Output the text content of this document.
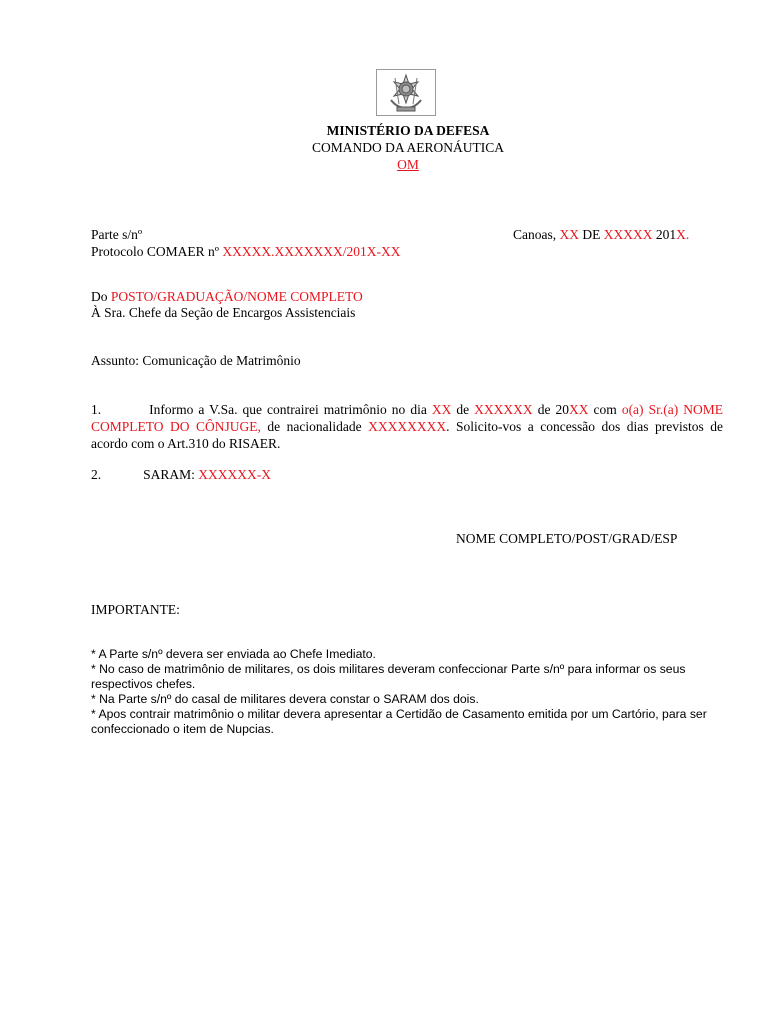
MINISTÉRIO DA DEFESA
COMANDO DA AERONÁUTICA
OM
Parte s/nº	Canoas, XX DE XXXXX 201X.
Protocolo COMAER nº XXXXX.XXXXXXX/201X-XX
Do POSTO/GRADUAÇÃO/NOME COMPLETO
À Sra. Chefe da Seção de Encargos Assistenciais
Assunto: Comunicação de Matrimônio
1.	Informo a V.Sa. que contrairei matrimônio no dia XX de XXXXXX de 20XX com o(a) Sr.(a) NOME COMPLETO DO CÔNJUGE, de nacionalidade XXXXXXXX. Solicito-vos a concessão dos dias previstos de acordo com o Art.310 do RISAER.
2.	SARAM: XXXXXX-X
NOME COMPLETO/POST/GRAD/ESP
IMPORTANTE:
* A Parte s/nº devera ser enviada ao Chefe Imediato.
* No caso de matrimônio de militares, os dois militares deveram confeccionar Parte s/nº para informar os seus respectivos chefes.
* Na Parte s/nº do casal de militares devera constar o SARAM dos dois.
* Apos contrair matrimônio o militar devera apresentar a Certidão de Casamento emitida por um Cartório, para ser confeccionado o item de Nupcias.
